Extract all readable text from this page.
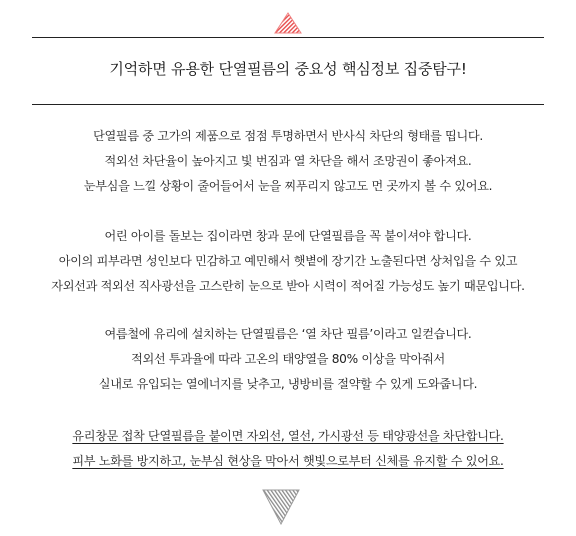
기억하면 유용한 단열필름의 중요성 핵심정보 집중탐구!
단열필름 중 고가의 제품으로 점점 투명하면서 반사식 차단의 형태를 띱니다.
적외선 차단율이 높아지고 빛 번짐과 열 차단을 해서 조망권이 좋아져요.
눈부심을 느낄 상황이 줄어들어서 눈을 찌푸리지 않고도 먼 곳까지 볼 수 있어요.
어린 아이를 돌보는 집이라면 창과 문에 단열필름을 꼭 붙이셔야 합니다.
아이의 피부라면 성인보다 민감하고 예민해서 햇볕에 장기간 노출된다면 상처입을 수 있고
자외선과 적외선 직사광선을 고스란히 눈으로 받아 시력이 적어질 가능성도 높기 때문입니다.
여름철에 유리에 설치하는 단열필름은 ‘열 차단 필름’이라고 일컫습니다.
적외선 투과율에 따라 고온의 태양열을 80% 이상을 막아줘서
실내로 유입되는 열에너지를 낮추고, 냉방비를 절약할 수 있게 도와줍니다.
유리창문 접착 단열필름을 붙이면 자외선, 열선, 가시광선 등 태양광선을 차단합니다.
피부 노화를 방지하고, 눈부심 현상을 막아서 햇빛으로부터 신체를 유지할 수 있어요.
